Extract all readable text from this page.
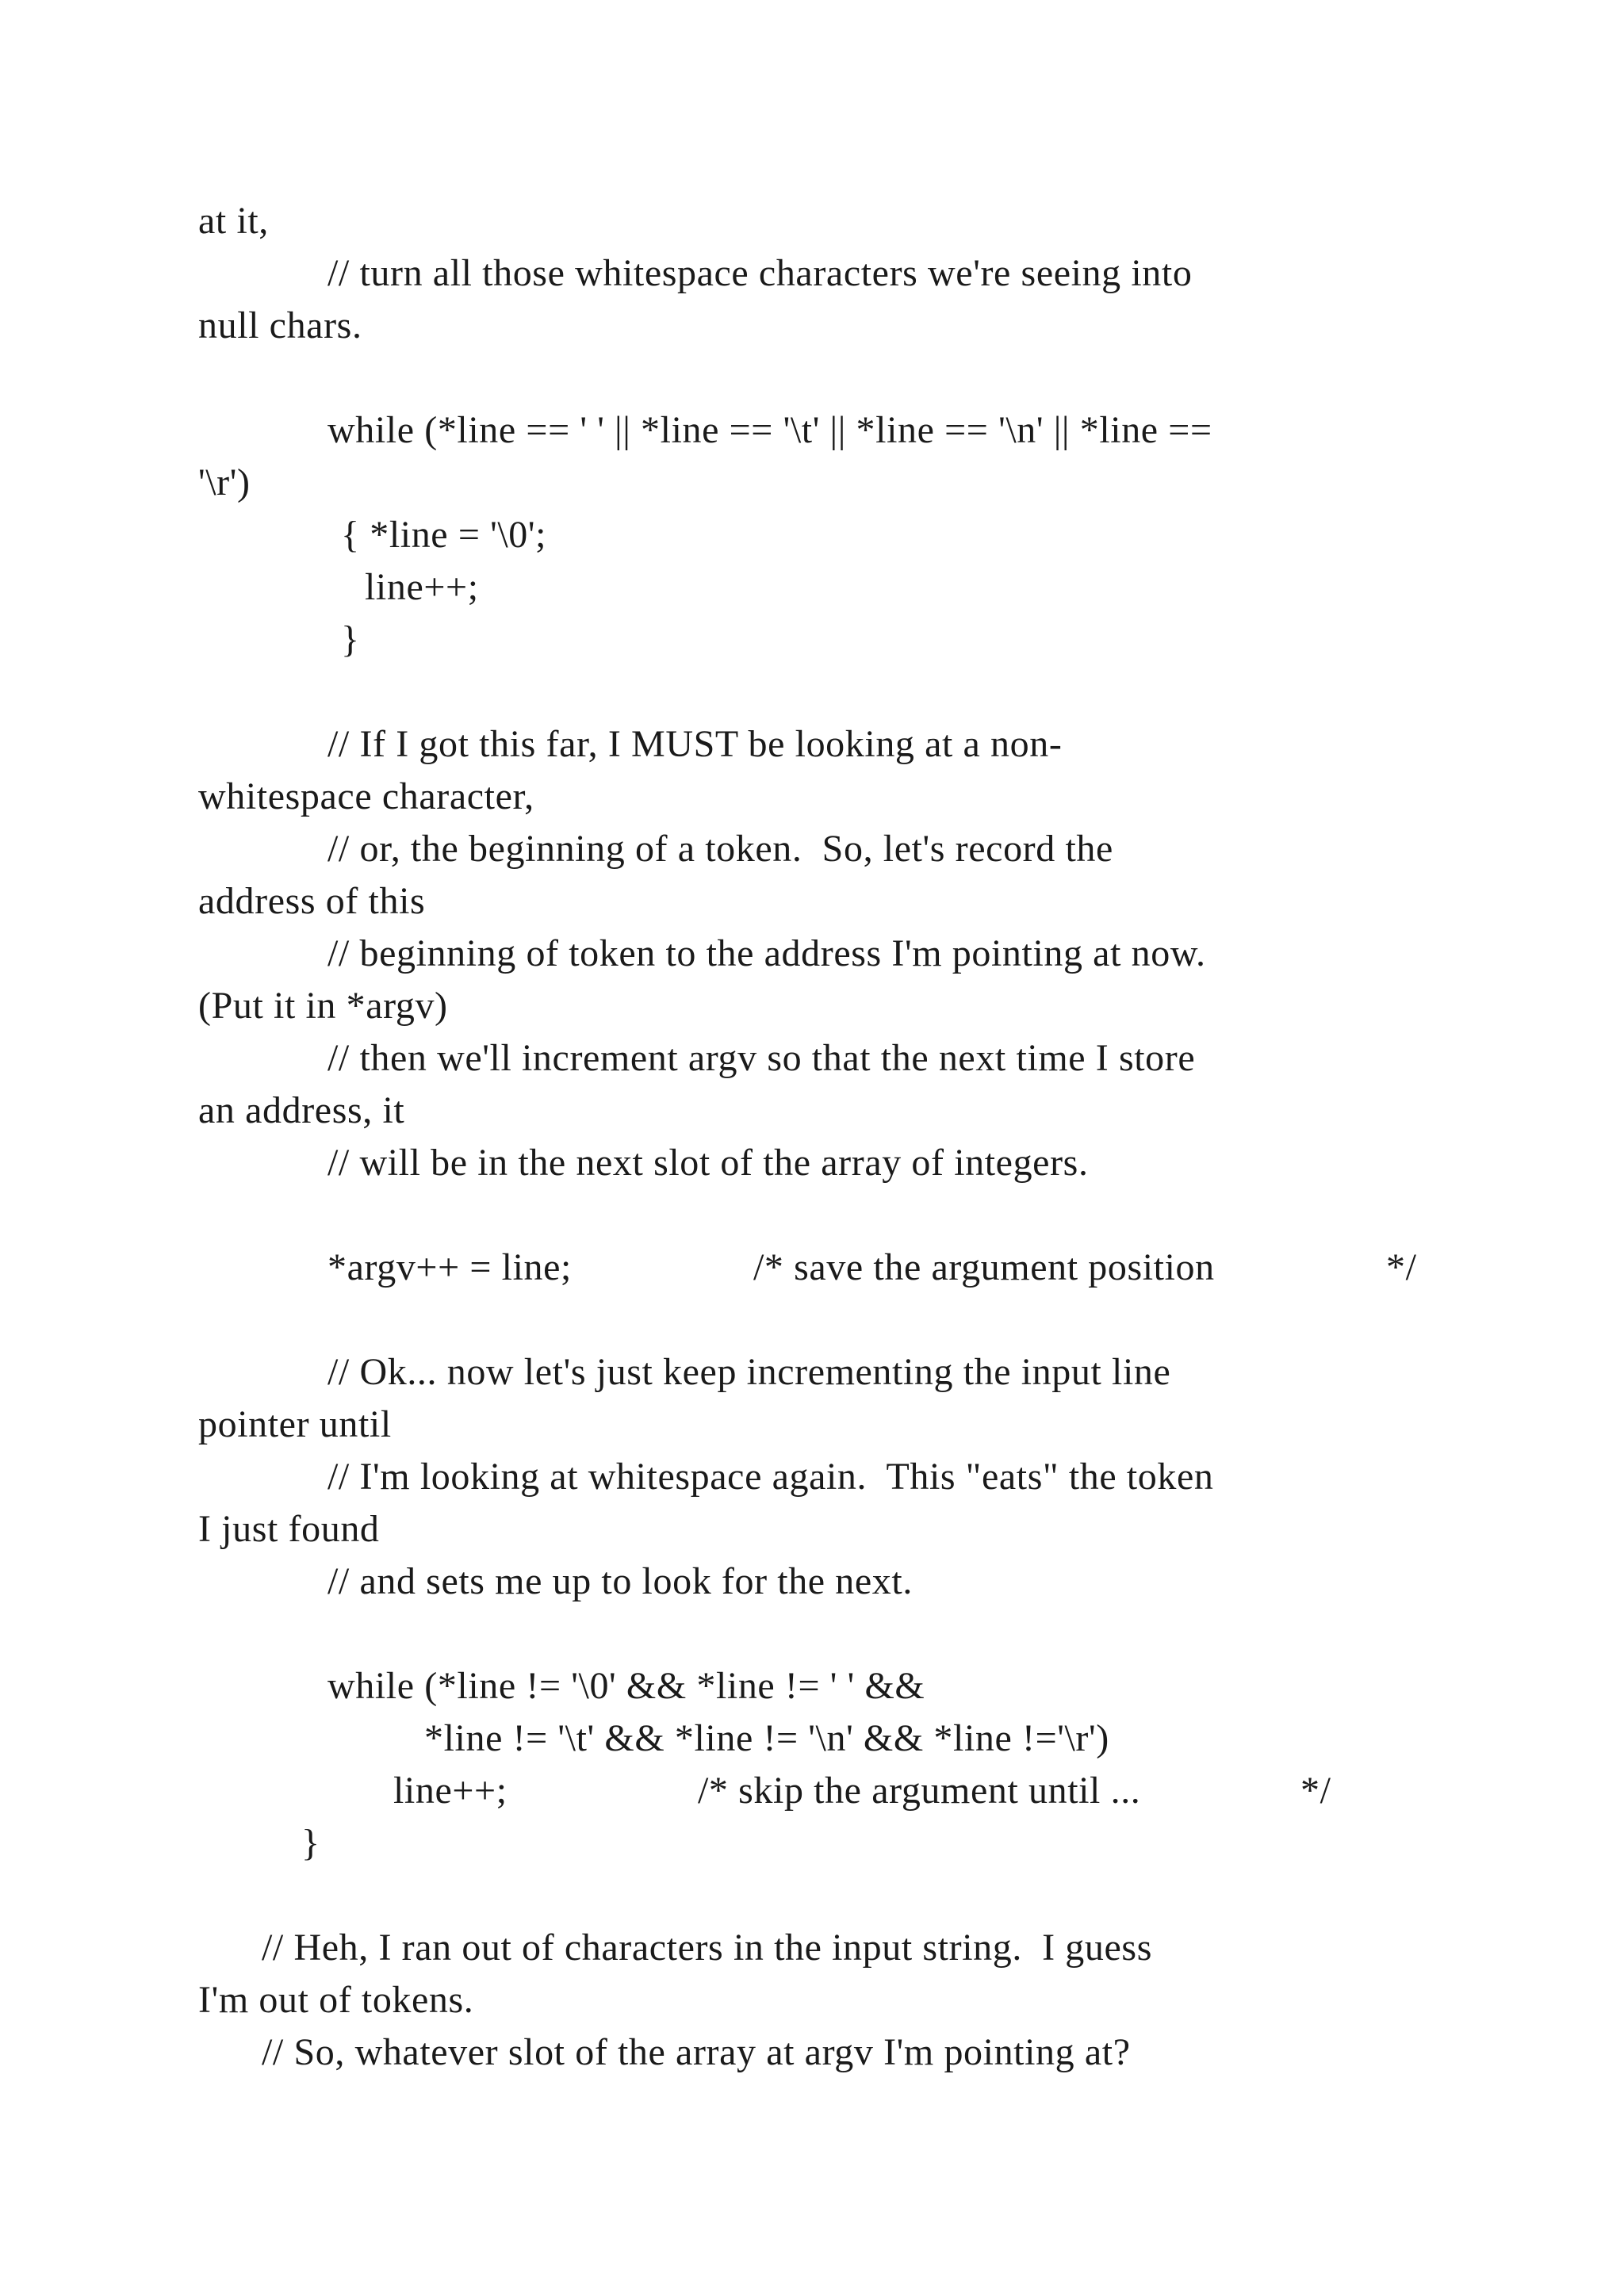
at it,
// turn all those whitespace characters we're seeing into
null chars.
while (*line == ' ' || *line == '\t' || *line == '\n' || *line ==
'\r')
{ *line = '\0';
line++;
}
// If I got this far, I MUST be looking at a non-
whitespace character,
// or, the beginning of a token.  So, let's record the
address of this
// beginning of token to the address I'm pointing at now.
(Put it in *argv)
// then we'll increment argv so that the next time I store
an address, it
// will be in the next slot of the array of integers.
*argv++ = line;	/* save the argument position	*/
// Ok... now let's just keep incrementing the input line
pointer until
// I'm looking at whitespace again.  This "eats" the token
I just found
// and sets me up to look for the next.
while (*line != '\0' && *line != ' ' &&
*line != '\t' && *line != '\n' && *line !='\r')
line++;	/* skip the argument until ...	*/
}
// Heh, I ran out of characters in the input string.  I guess
I'm out of tokens.
// So, whatever slot of the array at argv I'm pointing at?
